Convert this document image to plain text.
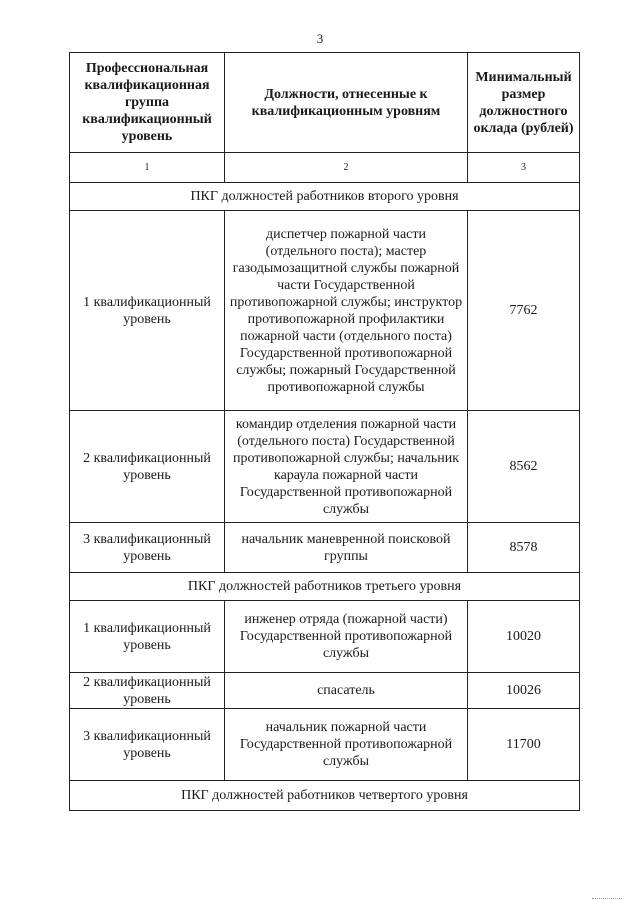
3
Профессиональная квалификационная группа квалификационный уровень	Должности, отнесенные к квалификационным уровням	Минимальный размер должностного оклада (рублей)
1	2	3
ПКГ должностей работников второго уровня		
1 квалификационный уровень	диспетчер пожарной части (отдельного поста); мастер газодымозащитной службы пожарной части Государственной противопожарной службы; инструктор противопожарной профилактики пожарной части (отдельного поста) Государственной противопожарной службы; пожарный Государственной противопожарной службы	7762
2 квалификационный уровень	командир отделения пожарной части (отдельного поста) Государственной противопожарной службы; начальник караула пожарной части Государственной противопожарной службы	8562
3 квалификационный уровень	начальник маневренной поисковой группы	8578
ПКГ должностей работников третьего уровня		
1 квалификационный уровень	инженер отряда (пожарной части) Государственной противопожарной службы	10020
2 квалификационный уровень	спасатель	10026
3 квалификационный уровень	начальник пожарной части Государственной противопожарной службы	11700
ПКГ должностей работников четвертого уровня		
